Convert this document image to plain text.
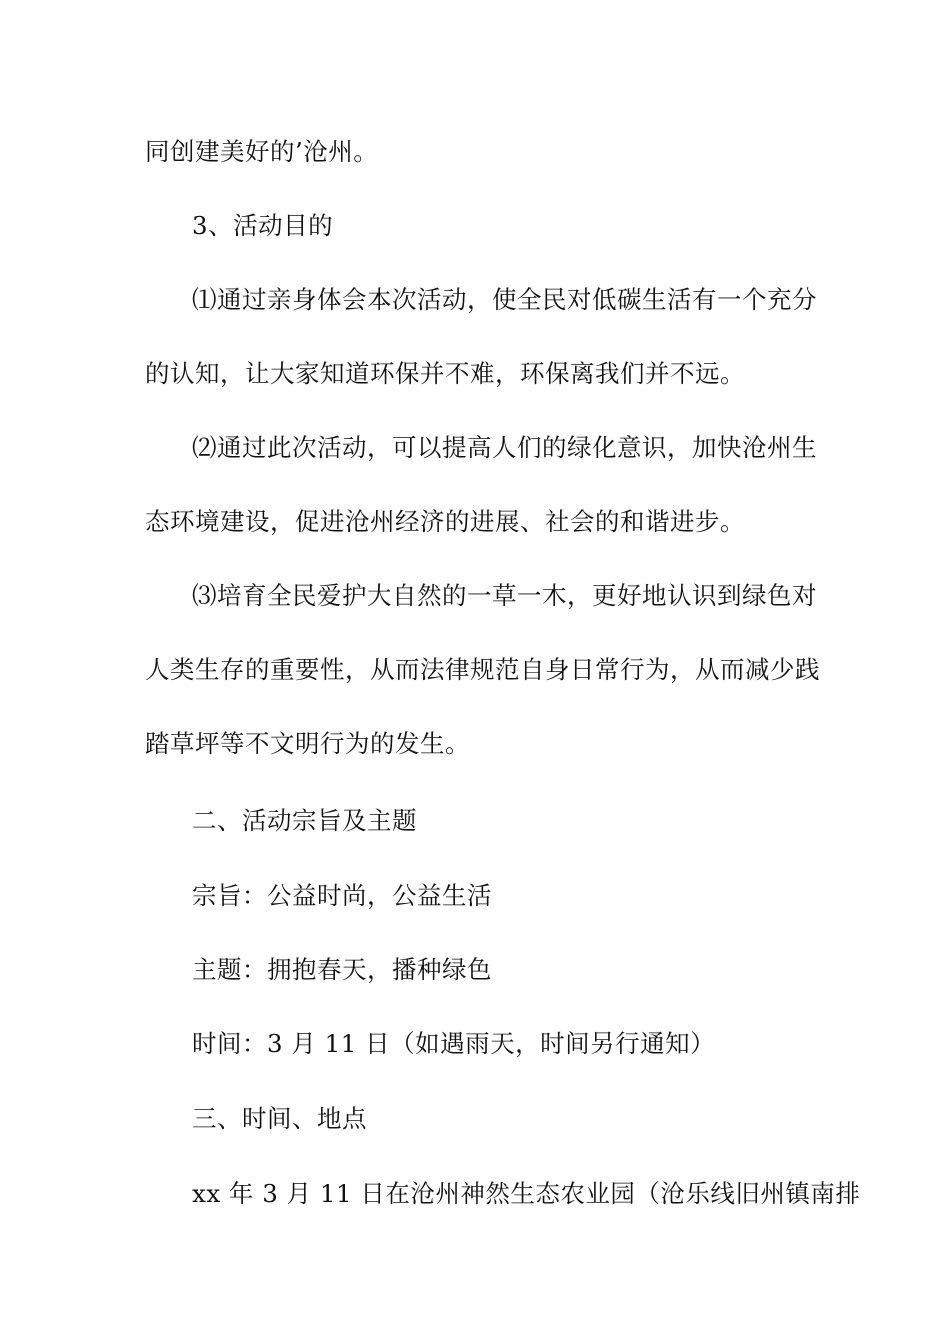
同创建美好的’沧州。
3、活动目的
⑴通过亲身体会本次活动，使全民对低碳生活有一个充分
的认知，让大家知道环保并不难，环保离我们并不远。
⑵通过此次活动，可以提高人们的绿化意识，加快沧州生
态环境建设，促进沧州经济的进展、社会的和谐进步。
⑶培育全民爱护大自然的一草一木，更好地认识到绿色对
人类生存的重要性，从而法律规范自身日常行为，从而减少践
踏草坪等不文明行为的发生。
二、活动宗旨及主题
宗旨：公益时尚，公益生活
主题：拥抱春天，播种绿色
时间：3 月 11 日（如遇雨天，时间另行通知）
三、时间、地点
xx 年 3 月 11 日在沧州神然生态农业园（沧乐线旧州镇南排
